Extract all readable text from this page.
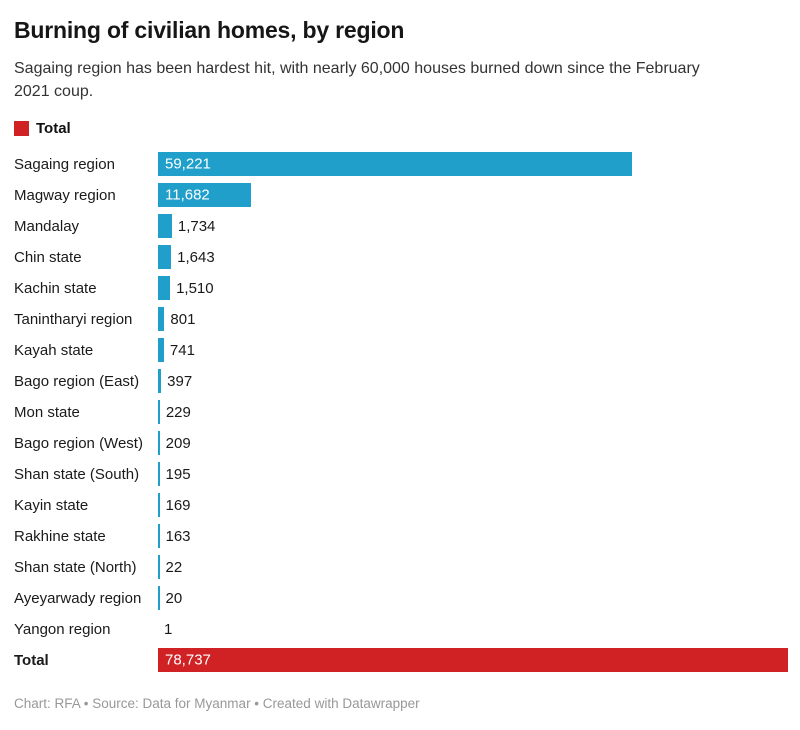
Burning of civilian homes, by region
Sagaing region has been hardest hit, with nearly 60,000 houses burned down since the February 2021 coup.
Total
Sagaing region	59,221
Magway region	11,682
Mandalay	1,734
Chin state	1,643
Kachin state	1,510
Tanintharyi region	801
Kayah state	741
Bago region (East)	397
Mon state	229
Bago region (West)	209
Shan state (South)	195
Kayin state	169
Rakhine state	163
Shan state (North)	22
Ayeyarwady region	20
Yangon region	1
Total	78,737
Chart: RFA • Source: Data for Myanmar • Created with Datawrapper
